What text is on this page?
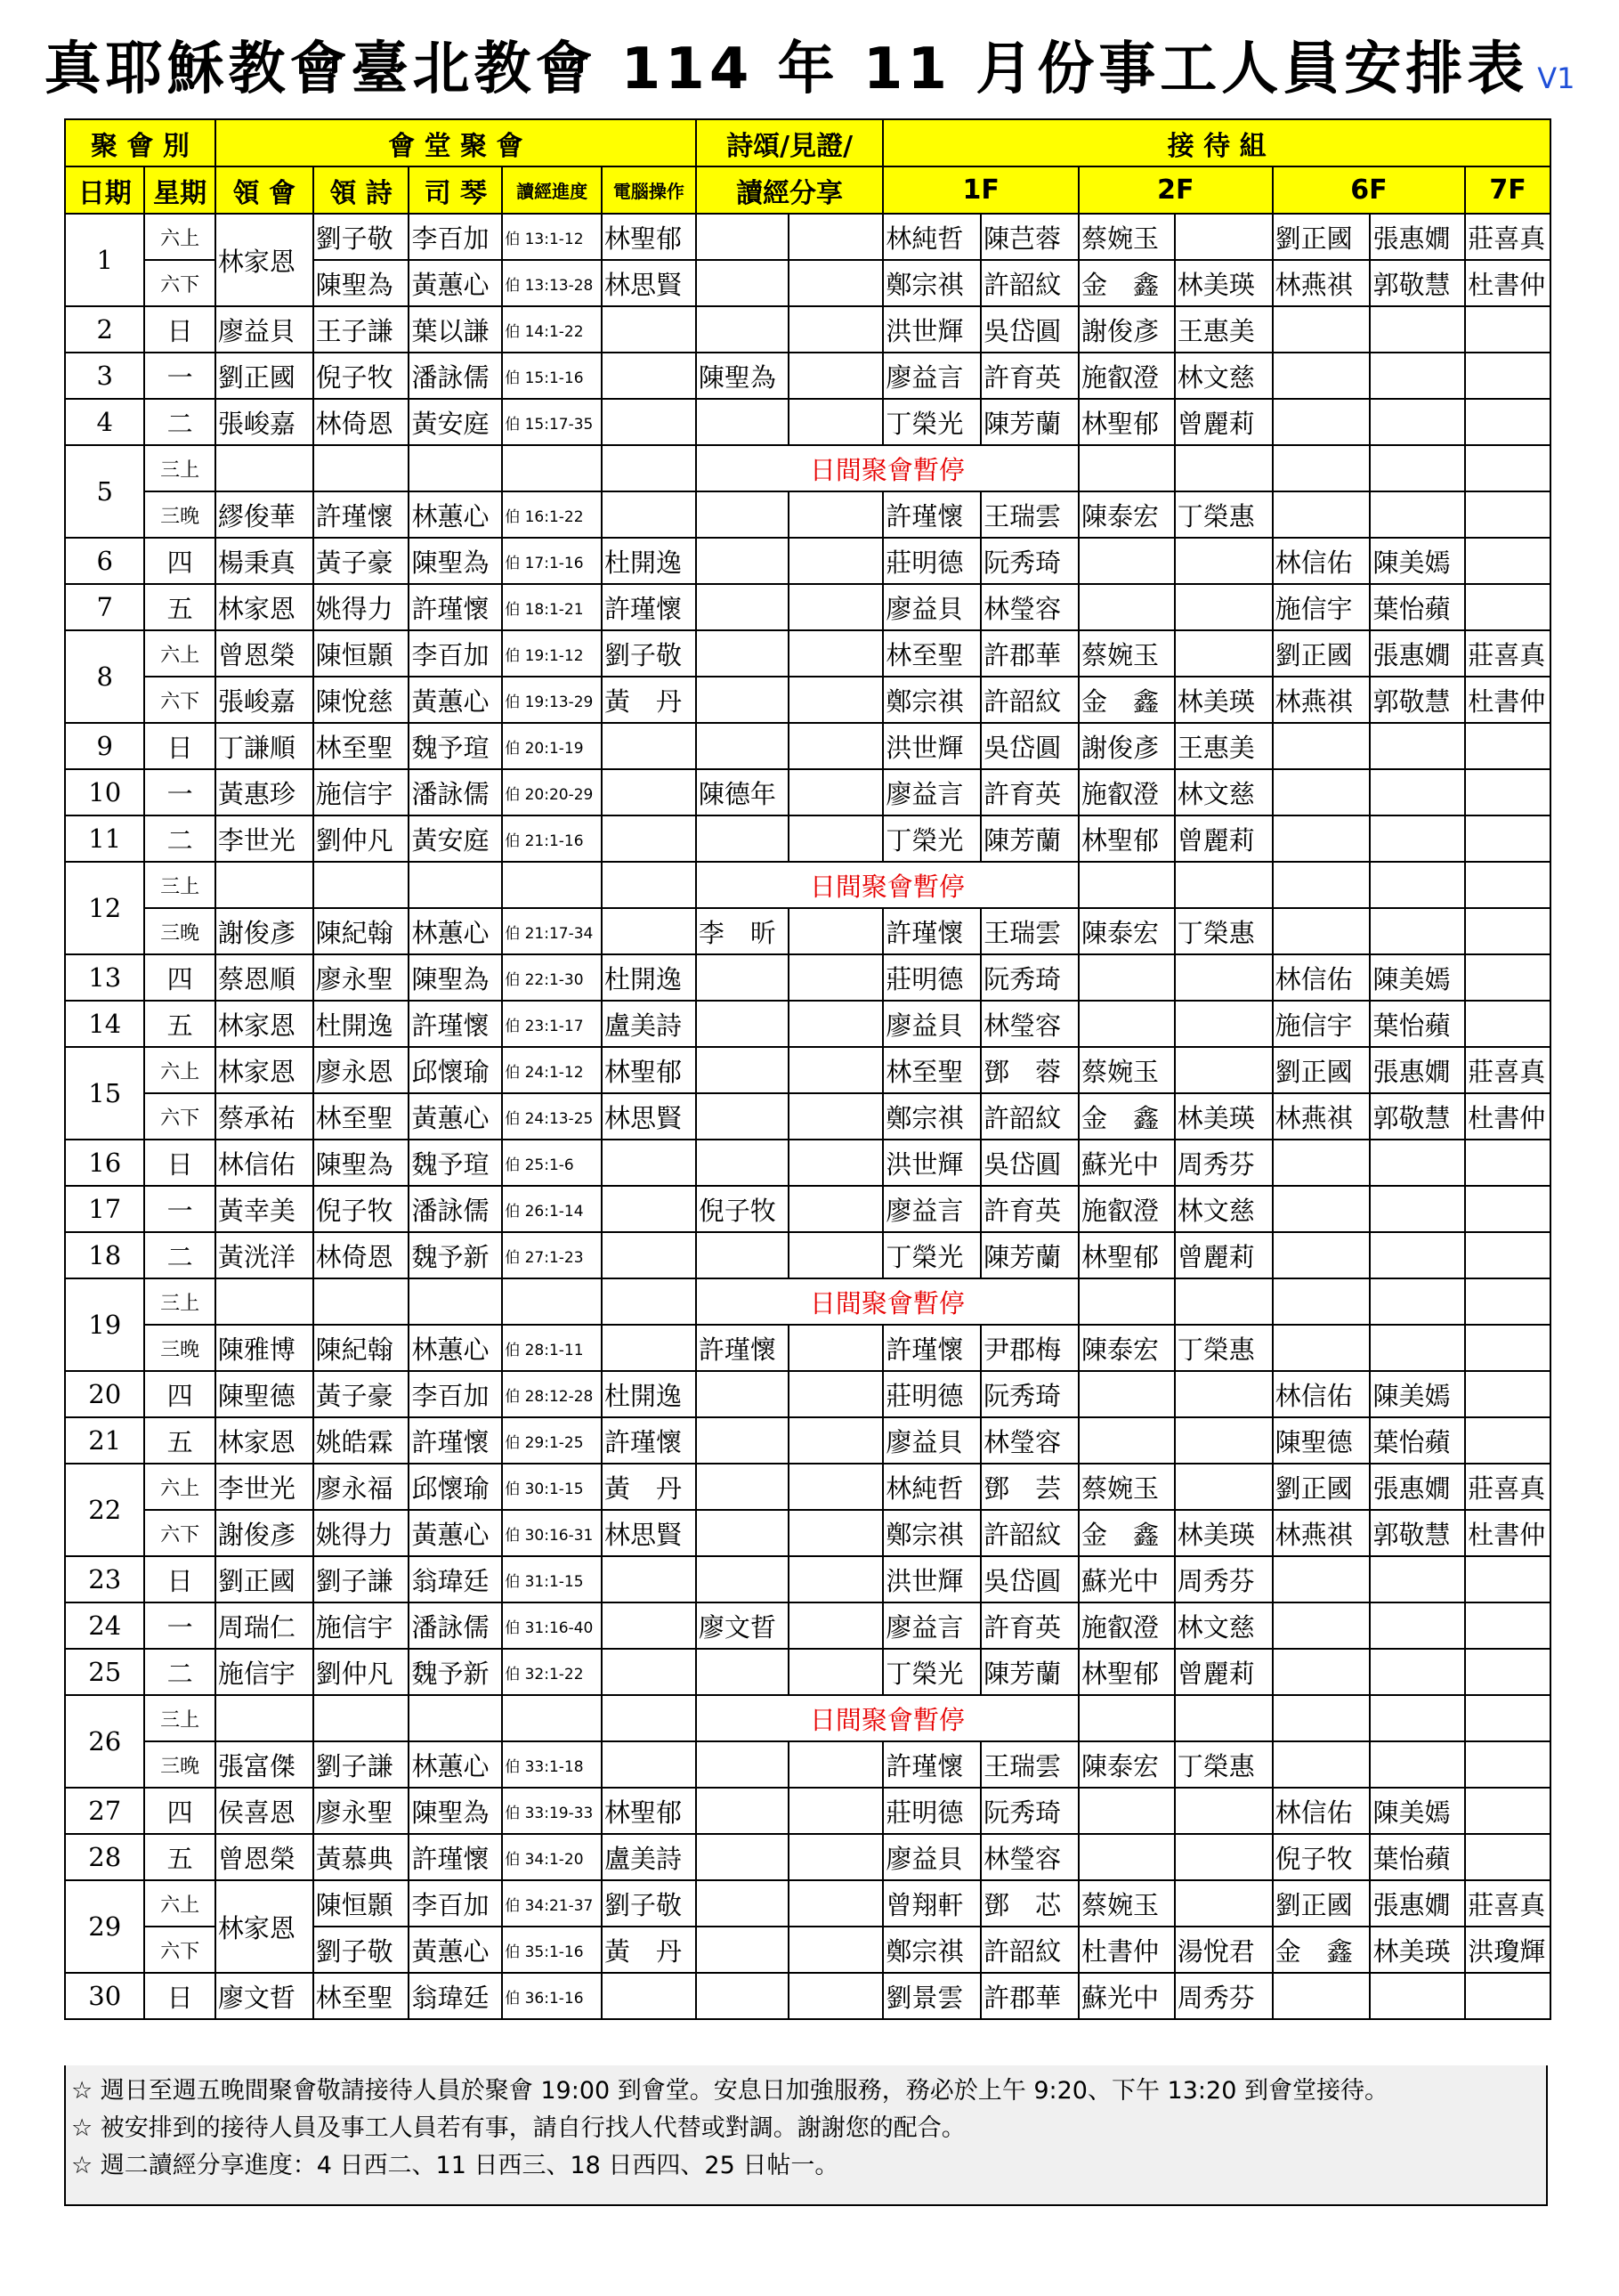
真耶穌教會臺北教會 114 年 11 月份事工人員安排表 V1
聚 會 別		會 堂 聚 會					詩頌/見證/		接 待 組						
日期	星期	領 會	領 詩	司 琴	讀經進度	電腦操作	讀經分享		1F		2F		6F		7F
1	六上	林家恩	劉子敬	李百加	伯 13:1-12	林聖郁			林純哲	陳芑蓉	蔡婉玉		劉正國	張惠嫺	莊喜真
	六下		陳聖為	黃蕙心	伯 13:13-28	林思賢			鄭宗祺	許韶紋	金　鑫	林美瑛	林燕祺	郭敬慧	杜書仲
2	日	廖益貝	王子謙	葉以謙	伯 14:1-22				洪世輝	吳岱圓	謝俊彥	王惠美			
3	一	劉正國	倪子牧	潘詠儒	伯 15:1-16		陳聖為		廖益言	許育英	施叡澄	林文慈			
4	二	張峻嘉	林倚恩	黃安庭	伯 15:17-35				丁榮光	陳芳蘭	林聖郁	曾麗莉			
5	三上						日間聚會暫停								
	三晚	繆俊華	許瑾懷	林蕙心	伯 16:1-22				許瑾懷	王瑞雲	陳泰宏	丁榮惠			
6	四	楊秉真	黃子豪	陳聖為	伯 17:1-16	杜開逸			莊明德	阮秀琦			林信佑	陳美嫣	
7	五	林家恩	姚得力	許瑾懷	伯 18:1-21	許瑾懷			廖益貝	林瑩容			施信宇	葉怡蘋	
8	六上	曾恩榮	陳恒顥	李百加	伯 19:1-12	劉子敬			林至聖	許郡華	蔡婉玉		劉正國	張惠嫺	莊喜真
	六下	張峻嘉	陳悅慈	黃蕙心	伯 19:13-29	黃　丹			鄭宗祺	許韶紋	金　鑫	林美瑛	林燕祺	郭敬慧	杜書仲
9	日	丁謙順	林至聖	魏予瑄	伯 20:1-19				洪世輝	吳岱圓	謝俊彥	王惠美			
10	一	黃惠珍	施信宇	潘詠儒	伯 20:20-29		陳德年		廖益言	許育英	施叡澄	林文慈			
11	二	李世光	劉仲凡	黃安庭	伯 21:1-16				丁榮光	陳芳蘭	林聖郁	曾麗莉			
12	三上						日間聚會暫停								
	三晚	謝俊彥	陳紀翰	林蕙心	伯 21:17-34		李　昕		許瑾懷	王瑞雲	陳泰宏	丁榮惠			
13	四	蔡恩順	廖永聖	陳聖為	伯 22:1-30	杜開逸			莊明德	阮秀琦			林信佑	陳美嫣	
14	五	林家恩	杜開逸	許瑾懷	伯 23:1-17	盧美詩			廖益貝	林瑩容			施信宇	葉怡蘋	
15	六上	林家恩	廖永恩	邱懷瑜	伯 24:1-12	林聖郁			林至聖	鄧　蓉	蔡婉玉		劉正國	張惠嫺	莊喜真
	六下	蔡承祐	林至聖	黃蕙心	伯 24:13-25	林思賢			鄭宗祺	許韶紋	金　鑫	林美瑛	林燕祺	郭敬慧	杜書仲
16	日	林信佑	陳聖為	魏予瑄	伯 25:1-6				洪世輝	吳岱圓	蘇光中	周秀芬			
17	一	黃幸美	倪子牧	潘詠儒	伯 26:1-14		倪子牧		廖益言	許育英	施叡澄	林文慈			
18	二	黃洸洋	林倚恩	魏予新	伯 27:1-23				丁榮光	陳芳蘭	林聖郁	曾麗莉			
19	三上						日間聚會暫停								
	三晚	陳雅博	陳紀翰	林蕙心	伯 28:1-11		許瑾懷		許瑾懷	尹郡梅	陳泰宏	丁榮惠			
20	四	陳聖德	黃子豪	李百加	伯 28:12-28	杜開逸			莊明德	阮秀琦			林信佑	陳美嫣	
21	五	林家恩	姚皓霖	許瑾懷	伯 29:1-25	許瑾懷			廖益貝	林瑩容			陳聖德	葉怡蘋	
22	六上	李世光	廖永福	邱懷瑜	伯 30:1-15	黃　丹			林純哲	鄧　芸	蔡婉玉		劉正國	張惠嫺	莊喜真
	六下	謝俊彥	姚得力	黃蕙心	伯 30:16-31	林思賢			鄭宗祺	許韶紋	金　鑫	林美瑛	林燕祺	郭敬慧	杜書仲
23	日	劉正國	劉子謙	翁瑋廷	伯 31:1-15				洪世輝	吳岱圓	蘇光中	周秀芬			
24	一	周瑞仁	施信宇	潘詠儒	伯 31:16-40		廖文晢		廖益言	許育英	施叡澄	林文慈			
25	二	施信宇	劉仲凡	魏予新	伯 32:1-22				丁榮光	陳芳蘭	林聖郁	曾麗莉			
26	三上						日間聚會暫停								
	三晚	張富傑	劉子謙	林蕙心	伯 33:1-18				許瑾懷	王瑞雲	陳泰宏	丁榮惠			
27	四	侯喜恩	廖永聖	陳聖為	伯 33:19-33	林聖郁			莊明德	阮秀琦			林信佑	陳美嫣	
28	五	曾恩榮	黃慕典	許瑾懷	伯 34:1-20	盧美詩			廖益貝	林瑩容			倪子牧	葉怡蘋	
29	六上	林家恩	陳恒顥	李百加	伯 34:21-37	劉子敬			曾翔軒	鄧　芯	蔡婉玉		劉正國	張惠嫺	莊喜真
	六下		劉子敬	黃蕙心	伯 35:1-16	黃　丹			鄭宗祺	許韶紋	杜書仲	湯悅君	金　鑫	林美瑛	洪瓊輝
30	日	廖文晢	林至聖	翁瑋廷	伯 36:1-16				劉景雲	許郡華	蘇光中	周秀芬			
☆ 週日至週五晚間聚會敬請接待人員於聚會 19:00 到會堂。安息日加強服務，務必於上午 9:20、下午 13:20 到會堂接待。
☆ 被安排到的接待人員及事工人員若有事，請自行找人代替或對調。謝謝您的配合。
☆ 週二讀經分享進度：4 日西二、11 日西三、18 日西四、25 日帖一。
